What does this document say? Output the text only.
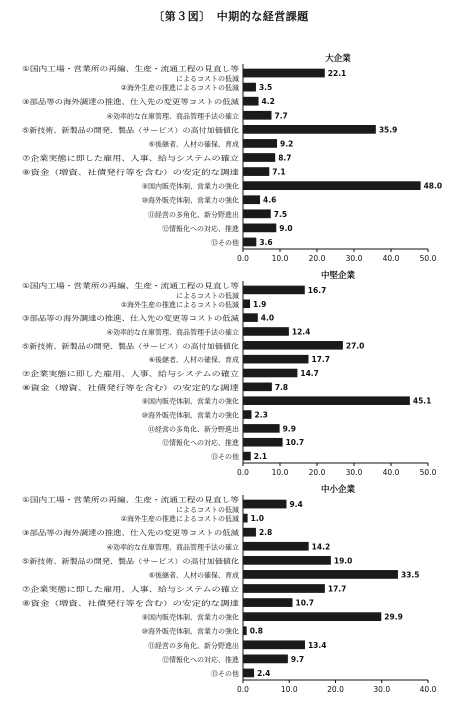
〔第３図〕　中期的な経営課題
大企業
0.0	10.0	20.0	30.0	40.0	50.0
22.1
①国内工場・営業所の再編、生産・流通工程の見直し等
によるコストの低減
3.5
②海外生産の推進によるコストの低減
4.2
③部品等の海外調達の推進、仕入先の変更等コストの低減
7.7
④効率的な在庫管理、商品管理手法の確立
35.9
⑤新技術、新製品の開発、製品（サービス）の高付加価値化
9.2
⑥後継者、人材の確保、育成
8.7
⑦企業実態に即した雇用、人事、給与システムの確立
7.1
⑧資金（増資、社債発行等を含む）の安定的な調達
48.0
⑨国内販売体制、営業力の強化
4.6
⑩海外販売体制、営業力の強化
7.5
⑪経営の多角化、新分野進出
9.0
⑫情報化への対応、推進
3.6
⑬その他
中堅企業
0.0	10.0	20.0	30.0	40.0	50.0
16.7
①国内工場・営業所の再編、生産・流通工程の見直し等
によるコストの低減
1.9
②海外生産の推進によるコストの低減
4.0
③部品等の海外調達の推進、仕入先の変更等コストの低減
12.4
④効率的な在庫管理、商品管理手法の確立
27.0
⑤新技術、新製品の開発、製品（サービス）の高付加価値化
17.7
⑥後継者、人材の確保、育成
14.7
⑦企業実態に即した雇用、人事、給与システムの確立
7.8
⑧資金（増資、社債発行等を含む）の安定的な調達
45.1
⑨国内販売体制、営業力の強化
2.3
⑩海外販売体制、営業力の強化
9.9
⑪経営の多角化、新分野進出
10.7
⑫情報化への対応、推進
2.1
⑬その他
中小企業
0.0	10.0	20.0	30.0	40.0
9.4
①国内工場・営業所の再編、生産・流通工程の見直し等
によるコストの低減
1.0
②海外生産の推進によるコストの低減
2.8
③部品等の海外調達の推進、仕入先の変更等コストの低減
14.2
④効率的な在庫管理、商品管理手法の確立
19.0
⑤新技術、新製品の開発、製品（サービス）の高付加価値化
33.5
⑥後継者、人材の確保、育成
17.7
⑦企業実態に即した雇用、人事、給与システムの確立
10.7
⑧資金（増資、社債発行等を含む）の安定的な調達
29.9
⑨国内販売体制、営業力の強化
0.8
⑩海外販売体制、営業力の強化
13.4
⑪経営の多角化、新分野進出
9.7
⑫情報化への対応、推進
2.4
⑬その他
